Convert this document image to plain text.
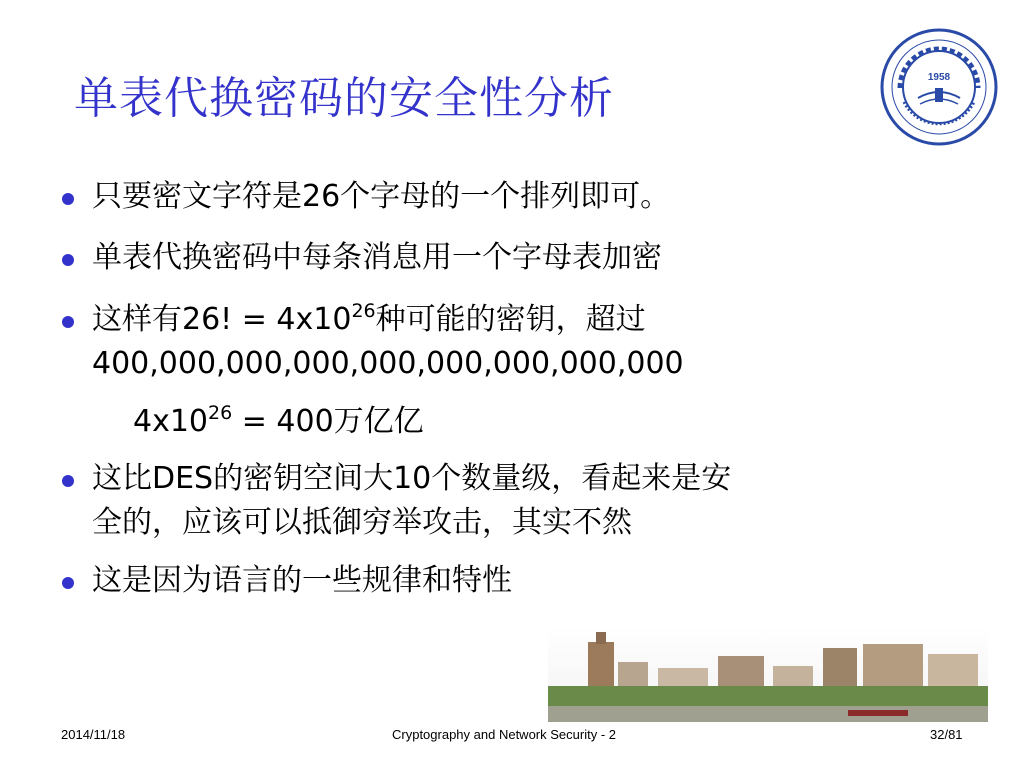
单表代换密码的安全性分析	1958
只要密文字符是26个字母的一个排列即可。
单表代换密码中每条消息用一个字母表加密
这样有26! = $4x10^{26}$种可能的密钥，超过
400,000,000,000,000,000,000,000,000
$4x10^{26} = 400$万亿亿
这比DES的密钥空间大10个数量级，看起来是安
全的，应该可以抵御穷举攻击，其实不然
这是因为语言的一些规律和特性
2014/11/18	Cryptography and Network Security - 2	32/81
